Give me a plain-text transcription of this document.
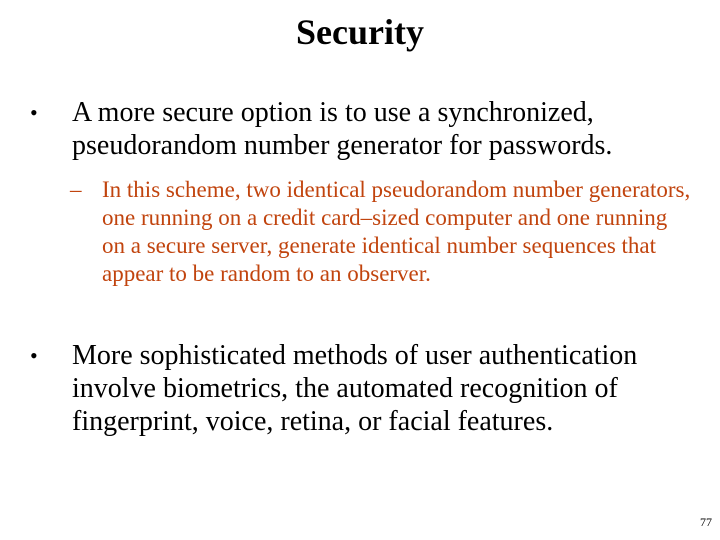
Security
•	A more secure option is to use a synchronized, pseudorandom number generator for passwords.
– In this scheme, two identical pseudorandom number generators, one running on a credit card–sized computer and one running on a secure server, generate identical number sequences that appear to be random to an observer.
•	More sophisticated methods of user authentication involve biometrics, the automated recognition of fingerprint, voice, retina, or facial features.
77
